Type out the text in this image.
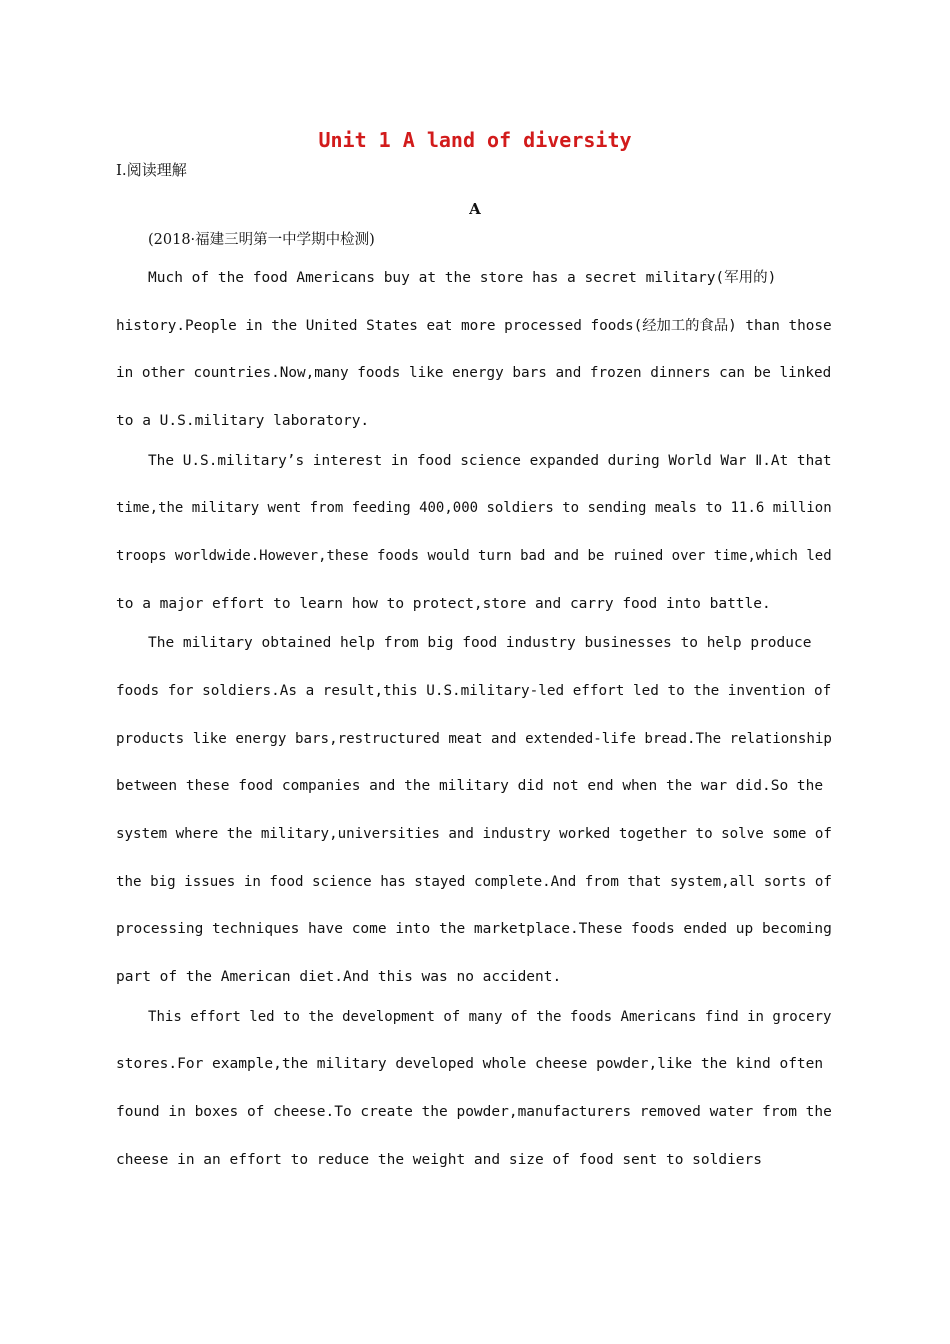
Unit 1 A land of diversity
Ⅰ.阅读理解
A
(2018·福建三明第一中学期中检测)
Much of the food Americans buy at the store has a secret military(军用的)
history.People in the United States eat more processed foods(经加工的食品) than those
in other countries.Now,many foods like energy bars and frozen dinners can be linked
to a U.S.military laboratory.
The U.S.military’s interest in food science expanded during World War Ⅱ.At that
time,the military went from feeding 400,000 soldiers to sending meals to 11.6 million
troops worldwide.However,these foods would turn bad and be ruined over time,which led
to a major effort to learn how to protect,store and carry food into battle.
The military obtained help from big food industry businesses to help produce
foods for soldiers.As a result,this U.S.military-led effort led to the invention of
products like energy bars,restructured meat and extended-life bread.The relationship
between these food companies and the military did not end when the war did.So the
system where the military,universities and industry worked together to solve some of
the big issues in food science has stayed complete.And from that system,all sorts of
processing techniques have come into the marketplace.These foods ended up becoming
part of the American diet.And this was no accident.
This effort led to the development of many of the foods Americans find in grocery
stores.For example,the military developed whole cheese powder,like the kind often
found in boxes of cheese.To create the powder,manufacturers removed water from the
cheese in an effort to reduce the weight and size of food sent to soldiers
